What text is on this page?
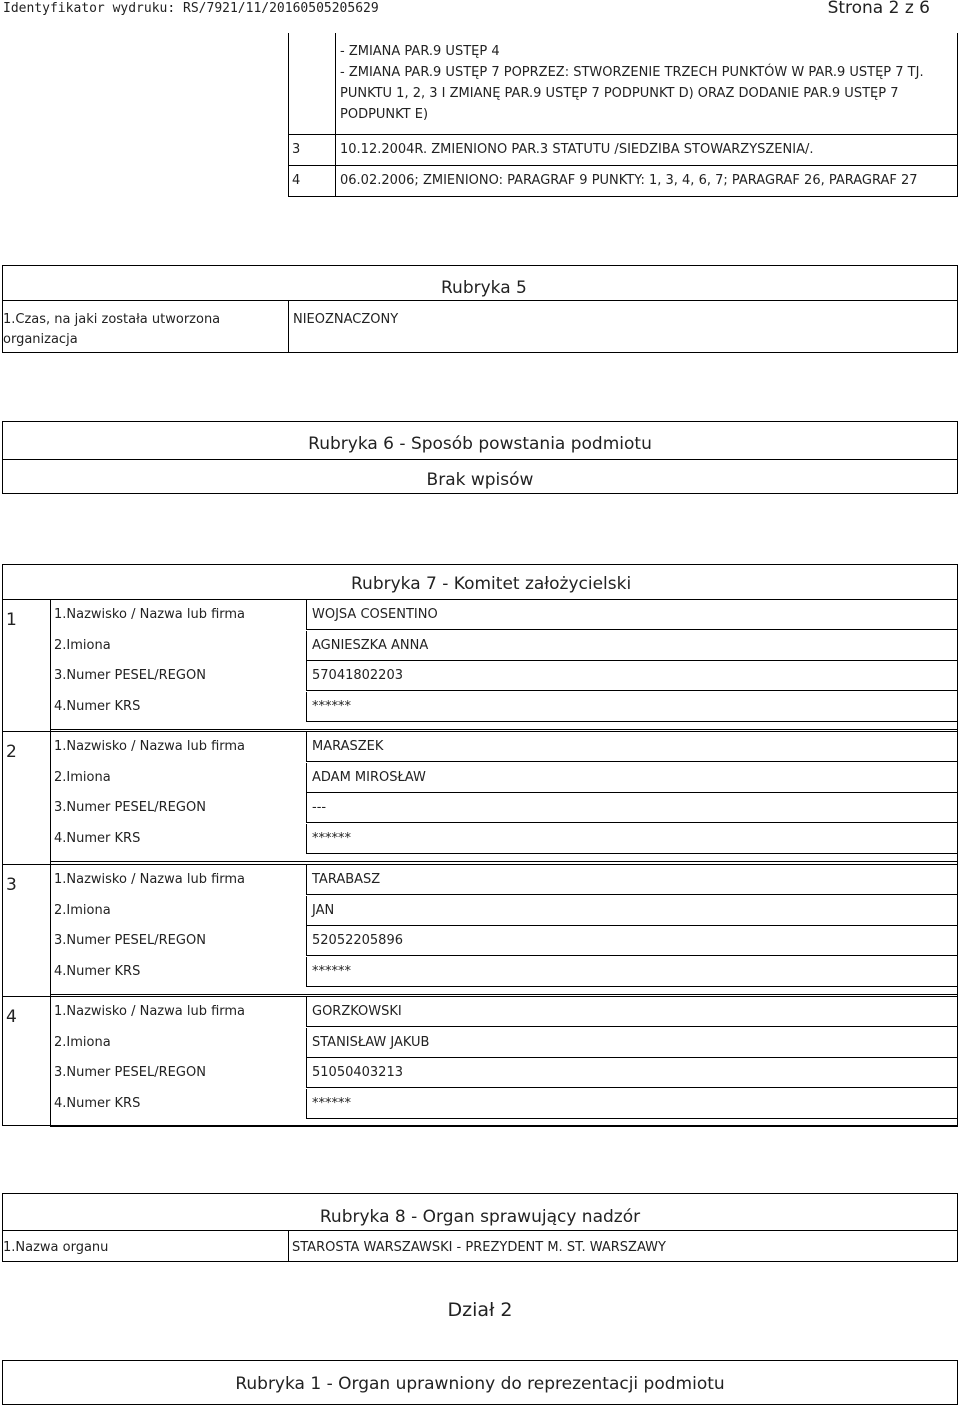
Identyfikator wydruku: RS/7921/11/20160505205629	Strona 2 z 6
- ZMIANA PAR.9 USTĘP 4
- ZMIANA PAR.9 USTĘP 7 POPRZEZ: STWORZENIE TRZECH PUNKTÓW W PAR.9 USTĘP 7 TJ.
PUNKTU 1, 2, 3 I ZMIANĘ PAR.9 USTĘP 7 PODPUNKT D) ORAZ DODANIE PAR.9 USTĘP 7
PODPUNKT E)
3	10.12.2004R. ZMIENIONO PAR.3 STATUTU /SIEDZIBA STOWARZYSZENIA/.
4	06.02.2006; ZMIENIONO: PARAGRAF 9 PUNKTY: 1, 3, 4, 6, 7; PARAGRAF 26, PARAGRAF 27
Rubryka 5
1.Czas, na jaki została utworzona
organizacja
NIEOZNACZONY
Rubryka 6 - Sposób powstania podmiotu
Brak wpisów
Rubryka 7 - Komitet założycielski
1	1.Nazwisko / Nazwa lub firma	WOJSA COSENTINO
2.Imiona	AGNIESZKA ANNA
3.Numer PESEL/REGON	57041802203
4.Numer KRS	******
2	1.Nazwisko / Nazwa lub firma	MARASZEK
2.Imiona	ADAM MIROSŁAW
3.Numer PESEL/REGON	---
4.Numer KRS	******
3	1.Nazwisko / Nazwa lub firma	TARABASZ
2.Imiona	JAN
3.Numer PESEL/REGON	52052205896
4.Numer KRS	******
4	1.Nazwisko / Nazwa lub firma	GORZKOWSKI
2.Imiona	STANISŁAW JAKUB
3.Numer PESEL/REGON	51050403213
4.Numer KRS	******
Rubryka 8 - Organ sprawujący nadzór
1.Nazwa organu	STAROSTA WARSZAWSKI - PREZYDENT M. ST. WARSZAWY
Dział 2
Rubryka 1 - Organ uprawniony do reprezentacji podmiotu
